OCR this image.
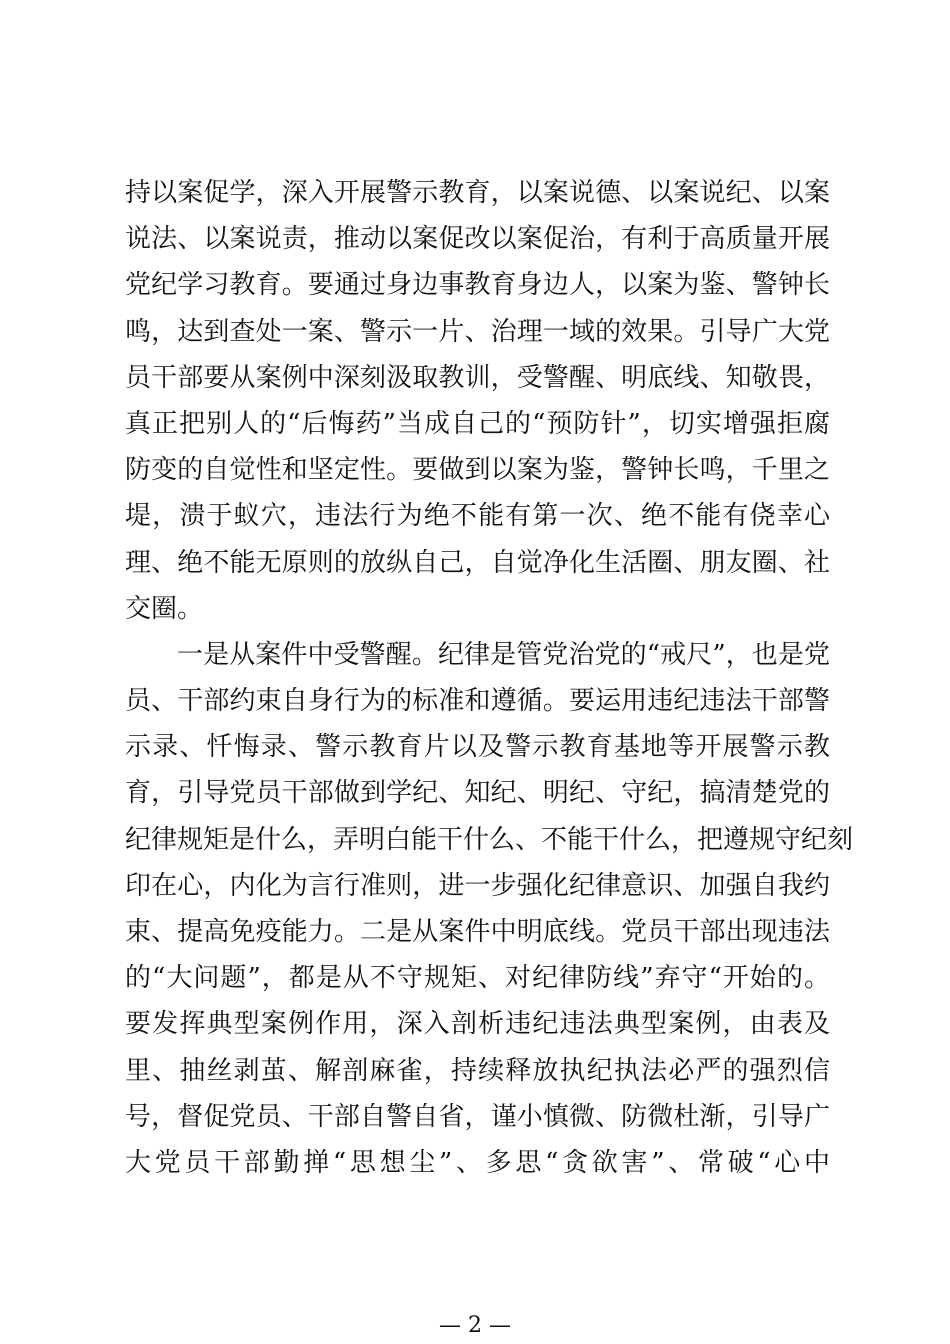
持以案促学，深入开展警示教育，以案说德、以案说纪、以案
说法、以案说责，推动以案促改以案促治，有利于高质量开展
党纪学习教育。要通过身边事教育身边人，以案为鉴、警钟长
鸣，达到查处一案、警示一片、治理一域的效果。引导广大党
员干部要从案例中深刻汲取教训，受警醒、明底线、知敬畏，
真正把别人的“后悔药”当成自己的“预防针”，切实增强拒腐
防变的自觉性和坚定性。要做到以案为鉴，警钟长鸣，千里之
堤，溃于蚁穴，违法行为绝不能有第一次、绝不能有侥幸心
理、绝不能无原则的放纵自己，自觉净化生活圈、朋友圈、社
交圈。
一是从案件中受警醒。纪律是管党治党的“戒尺”，也是党
员、干部约束自身行为的标准和遵循。要运用违纪违法干部警
示录、忏悔录、警示教育片以及警示教育基地等开展警示教
育，引导党员干部做到学纪、知纪、明纪、守纪，搞清楚党的
纪律规矩是什么，弄明白能干什么、不能干什么，把遵规守纪刻
印在心，内化为言行准则，进一步强化纪律意识、加强自我约
束、提高免疫能力。二是从案件中明底线。党员干部出现违法
的“大问题”，都是从不守规矩、对纪律防线”弃守“开始的。
要发挥典型案例作用，深入剖析违纪违法典型案例，由表及
里、抽丝剥茧、解剖麻雀，持续释放执纪执法必严的强烈信
号，督促党员、干部自警自省，谨小慎微、防微杜渐，引导广
大党员干部勤掸“思想尘”、多思“贪欲害”、常破“心中
— 2 —
